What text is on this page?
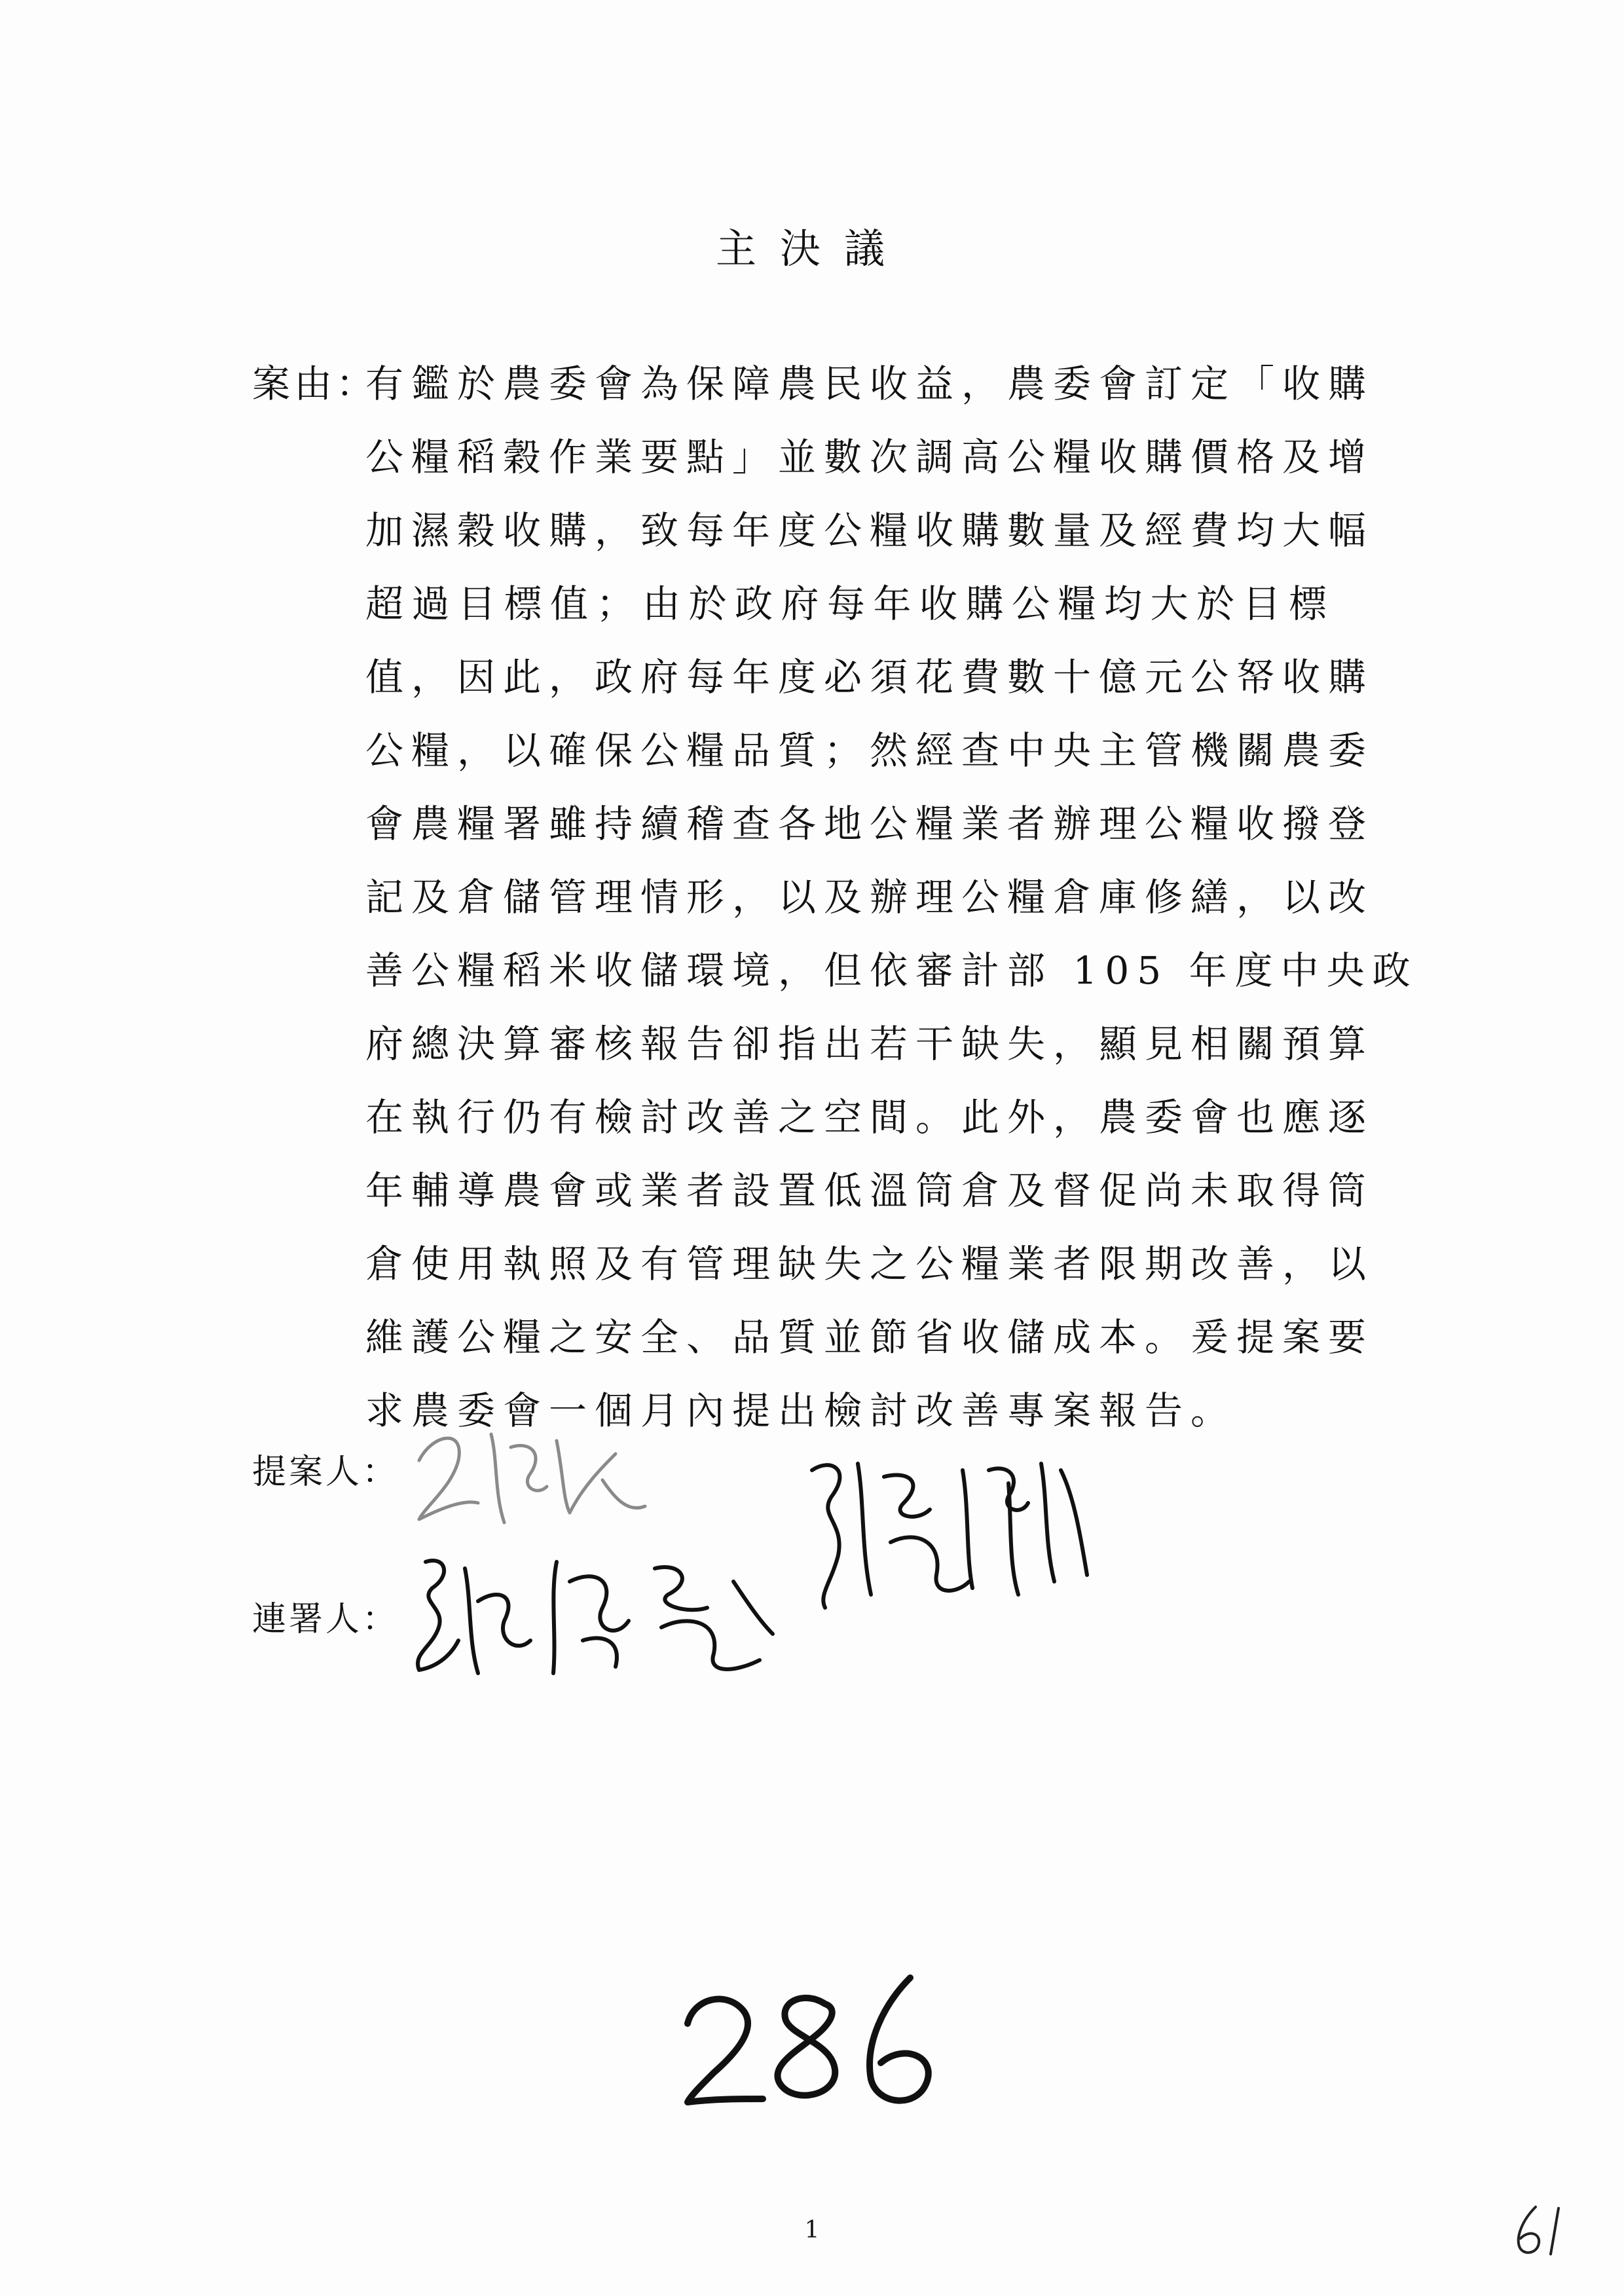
主決議
案由：
有鑑於農委會為保障農民收益，農委會訂定「收購
公糧稻穀作業要點」並數次調高公糧收購價格及增
加濕穀收購，致每年度公糧收購數量及經費均大幅
超過目標值；由於政府每年收購公糧均大於目標
值，因此，政府每年度必須花費數十億元公帑收購
公糧，以確保公糧品質；然經查中央主管機關農委
會農糧署雖持續稽查各地公糧業者辦理公糧收撥登
記及倉儲管理情形，以及辦理公糧倉庫修繕，以改
善公糧稻米收儲環境，但依審計部 105 年度中央政
府總決算審核報告卻指出若干缺失，顯見相關預算
在執行仍有檢討改善之空間。此外，農委會也應逐
年輔導農會或業者設置低溫筒倉及督促尚未取得筒
倉使用執照及有管理缺失之公糧業者限期改善，以
維護公糧之安全、品質並節省收儲成本。爰提案要
求農委會一個月內提出檢討改善專案報告。
提案人：
連署人：
1
